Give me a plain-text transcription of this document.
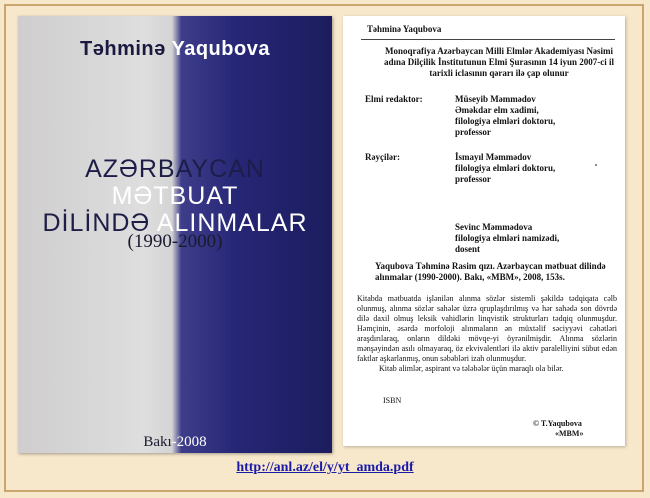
Təhminə Yaqubova
AZƏRBAYCAN MƏTBUAT
DİLİNDƏ ALINMALAR
(1990-2000)
Bakı-2008
Təhminə Yaqubova
Monoqrafiya Azərbaycan Milli Elmlər Akademiyası Nəsimi adına Dilçilik İnstitutunun Elmi Şurasının 14 iyun 2007-ci il tarixli iclasının qərarı ilə çap olunur
Elmi redaktor:	Müseyib Məmmədov
Əməkdar elm xadimi,
filologiya elmləri doktoru,
professor
Rəyçilər:	İsmayıl Məmmədov
filologiya elmləri doktoru,
professor
Sevinc Məmmədova
filologiya elmləri namizədi,
dosent
Yaqubova Təhminə Rasim qızı. Azərbaycan mətbuat dilində alınmalar (1990-2000). Bakı, «MBM», 2008, 153s.
Kitabda mətbuatda işlənilən alınma sözlər sistemli şəkildə tədqiqata cəlb olunmuş, alınma sözlər sahələr üzrə qruplaşdırılmış və hər sahədə son dövrdə dilə daxil olmuş leksik vahidlərin linqvistik strukturları tədqiq olunmuşdur. Həmçinin, əsərdə morfoloji alınmaların ən müxtəlif səciyyəvi cəhətləri araşdırılaraq, onların dildəki mövqe-yi öyrənilmişdir. Alınma sözlərin mənşəyindən asılı olmayaraq, öz ekvivalentləri ilə aktiv paralelliyini sübut edən faktlar aşkarlanmış, onun səbəbləri izah olunmuşdur.
Kitab alimlər, aspirant və tələbələr üçün maraqlı ola bilər.
ISBN
© T.Yaqubova
«MBM»
http://anl.az/el/y/yt_amda.pdf
